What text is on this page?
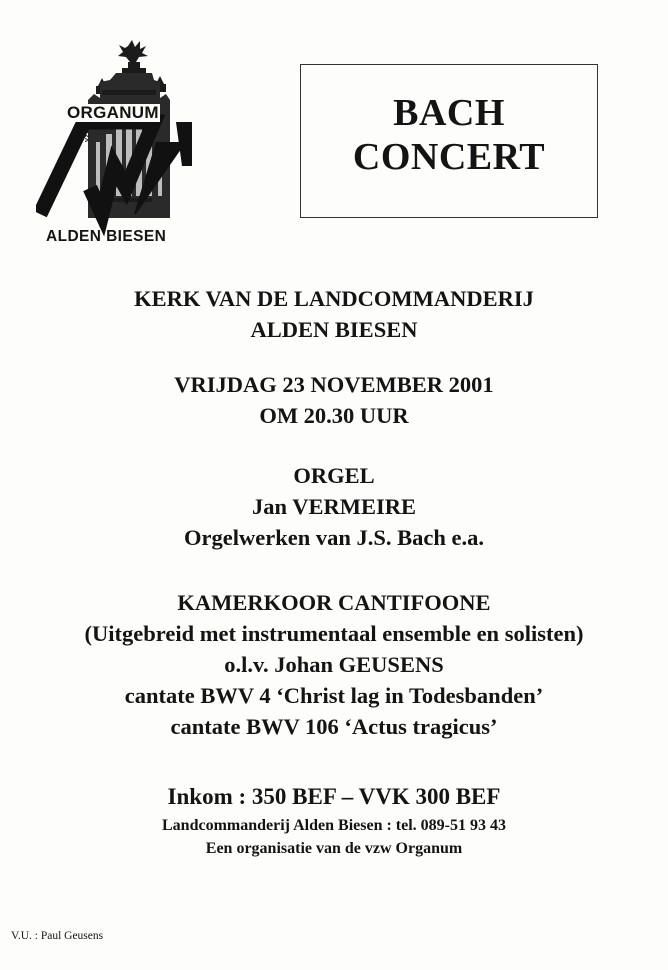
vzw
ORGANUM
ALDEN BIESEN
BACH
CONCERT
KERK VAN DE LANDCOMMANDERIJ
ALDEN BIESEN
VRIJDAG 23 NOVEMBER 2001
OM 20.30 UUR
ORGEL
Jan VERMEIRE
Orgelwerken van J.S. Bach e.a.
KAMERKOOR CANTIFOONE
(Uitgebreid met instrumentaal ensemble en solisten)
o.l.v. Johan GEUSENS
cantate BWV 4 ‘Christ lag in Todesbanden’
cantate BWV 106 ‘Actus tragicus’
Inkom : 350 BEF – VVK 300 BEF
Landcommanderij Alden Biesen : tel. 089-51 93 43
Een organisatie van de vzw Organum
V.U. : Paul Geusens
